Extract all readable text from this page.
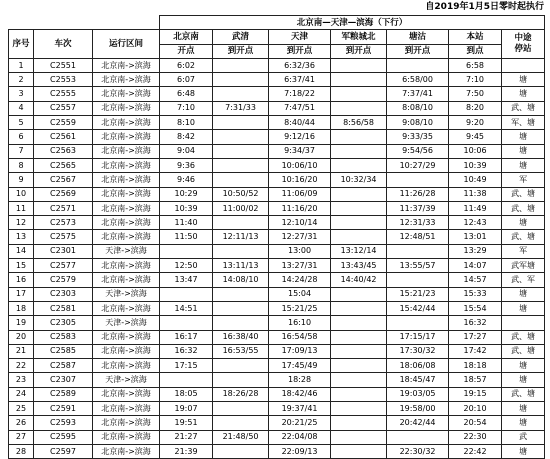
自2019年1月5日零时起执行
			北京南—天津—滨海（下行）						
序号	车次	运行区间	北京南	武清	天津	军粮城北	塘沽	本站	中途
停站
			开点	到开点	到开点	到开点	到开点	到点	
1	C2551	北京南->滨海	6:02		6:32/36			6:58	
2	C2553	北京南->滨海	6:07		6:37/41		6:58/00	7:10	塘
3	C2555	北京南->滨海	6:48		7:18/22		7:37/41	7:50	塘
4	C2557	北京南->滨海	7:10	7:31/33	7:47/51		8:08/10	8:20	武、塘
5	C2559	北京南->滨海	8:10		8:40/44	8:56/58	9:08/10	9:20	军、塘
6	C2561	北京南->滨海	8:42		9:12/16		9:33/35	9:45	塘
7	C2563	北京南->滨海	9:04		9:34/37		9:54/56	10:06	塘
8	C2565	北京南->滨海	9:36		10:06/10		10:27/29	10:39	塘
9	C2567	北京南->滨海	9:46		10:16/20	10:32/34		10:49	军
10	C2569	北京南->滨海	10:29	10:50/52	11:06/09		11:26/28	11:38	武、塘
11	C2571	北京南->滨海	10:39	11:00/02	11:16/20		11:37/39	11:49	武、塘
12	C2573	北京南->滨海	11:40		12:10/14		12:31/33	12:43	塘
13	C2575	北京南->滨海	11:50	12:11/13	12:27/31		12:48/51	13:01	武、塘
14	C2301	天津->滨海			13:00	13:12/14		13:29	军
15	C2577	北京南->滨海	12:50	13:11/13	13:27/31	13:43/45	13:55/57	14:07	武军塘
16	C2579	北京南->滨海	13:47	14:08/10	14:24/28	14:40/42		14:57	武、军
17	C2303	天津->滨海			15:04		15:21/23	15:33	塘
18	C2581	北京南->滨海	14:51		15:21/25		15:42/44	15:54	塘
19	C2305	天津->滨海			16:10			16:32	
20	C2583	北京南->滨海	16:17	16:38/40	16:54/58		17:15/17	17:27	武、塘
21	C2585	北京南->滨海	16:32	16:53/55	17:09/13		17:30/32	17:42	武、塘
22	C2587	北京南->滨海	17:15		17:45/49		18:06/08	18:18	塘
23	C2307	天津->滨海			18:28		18:45/47	18:57	塘
24	C2589	北京南->滨海	18:05	18:26/28	18:42/46		19:03/05	19:15	武、塘
25	C2591	北京南->滨海	19:07		19:37/41		19:58/00	20:10	塘
26	C2593	北京南->滨海	19:51		20:21/25		20:42/44	20:54	塘
27	C2595	北京南->滨海	21:27	21:48/50	22:04/08			22:30	武
28	C2597	北京南->滨海	21:39		22:09/13		22:30/32	22:42	塘
